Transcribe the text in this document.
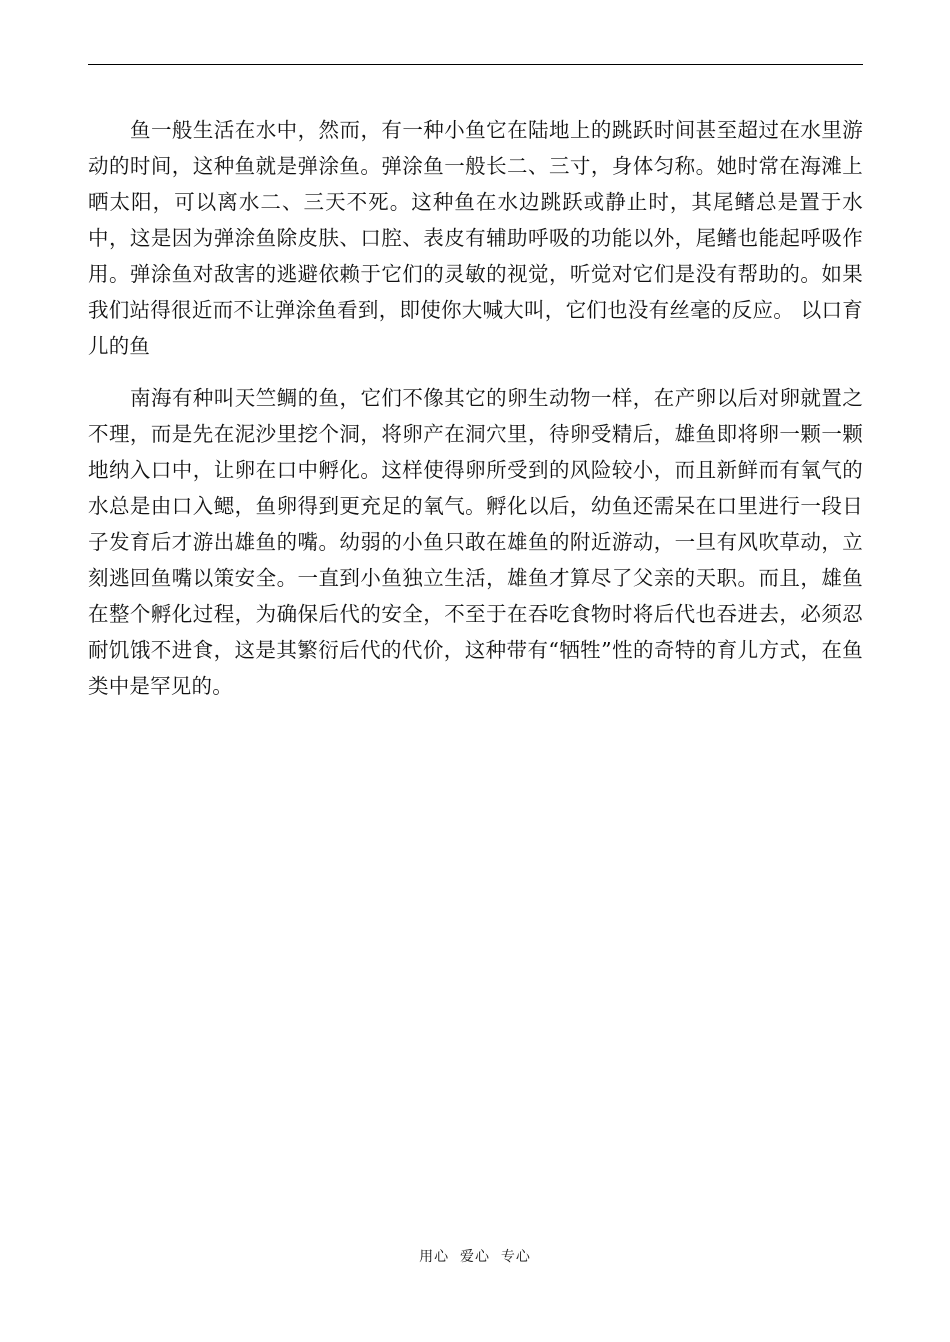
鱼一般生活在水中，然而，有一种小鱼它在陆地上的跳跃时间甚至超过在水里游动的时间，这种鱼就是弹涂鱼。弹涂鱼一般长二、三寸，身体匀称。她时常在海滩上晒太阳，可以离水二、三天不死。这种鱼在水边跳跃或静止时，其尾鳍总是置于水中，这是因为弹涂鱼除皮肤、口腔、表皮有辅助呼吸的功能以外，尾鳍也能起呼吸作用。弹涂鱼对敌害的逃避依赖于它们的灵敏的视觉，听觉对它们是没有帮助的。如果我们站得很近而不让弹涂鱼看到，即使你大喊大叫，它们也没有丝毫的反应。 以口育儿的鱼

南海有种叫天竺鲷的鱼，它们不像其它的卵生动物一样，在产卵以后对卵就置之不理，而是先在泥沙里挖个洞，将卵产在洞穴里，待卵受精后，雄鱼即将卵一颗一颗地纳入口中，让卵在口中孵化。这样使得卵所受到的风险较小，而且新鲜而有氧气的水总是由口入鳃，鱼卵得到更充足的氧气。孵化以后，幼鱼还需呆在口里进行一段日子发育后才游出雄鱼的嘴。幼弱的小鱼只敢在雄鱼的附近游动，一旦有风吹草动，立刻逃回鱼嘴以策安全。一直到小鱼独立生活，雄鱼才算尽了父亲的天职。而且，雄鱼在整个孵化过程，为确保后代的安全，不至于在吞吃食物时将后代也吞进去，必须忍耐饥饿不进食，这是其繁衍后代的代价，这种带有“牺牲”性的奇特的育儿方式，在鱼类中是罕见的。

用心  爱心  专心
